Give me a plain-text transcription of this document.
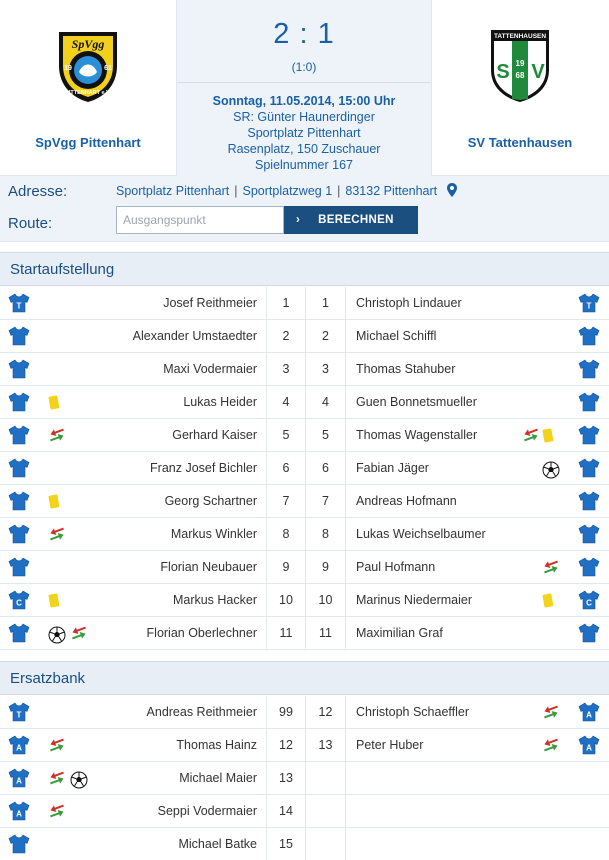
SpVgg
19	61
PITTENHART e.V.
SpVgg Pittenhart
2 : 1
(1:0)
Sonntag, 11.05.2014, 15:00 Uhr
SR: Günter Haunerdinger
Sportplatz Pittenhart
Rasenplatz, 150 Zuschauer
Spielnummer 167
TATTENHAUSEN
S V
19
68
SV Tattenhausen
Adresse:	Sportplatz Pittenhart | Sportplatzweg 1 | 83132 Pittenhart
Route:
Ausgangspunkt	› BERECHNEN
Startaufstellung
T	Josef Reithmeier	1	1	Christoph Lindauer	T
Alexander Umstaedter	2	2	Michael Schiffl
Maxi Vodermaier	3	3	Thomas Stahuber
Lukas Heider	4	4	Guen Bonnetsmueller
Gerhard Kaiser	5	5	Thomas Wagenstaller
Franz Josef Bichler	6	6	Fabian Jäger
Georg Schartner	7	7	Andreas Hofmann
Markus Winkler	8	8	Lukas Weichselbaumer
Florian Neubauer	9	9	Paul Hofmann
C	Markus Hacker	10	10	Marinus Niedermaier	C
Florian Oberlechner	11	11	Maximilian Graf
Ersatzbank
T	Andreas Reithmeier	99	12	Christoph Schaeffler	A
A	Thomas Hainz	12	13	Peter Huber	A
A	Michael Maier	13
A	Seppi Vodermaier	14
Michael Batke	15
